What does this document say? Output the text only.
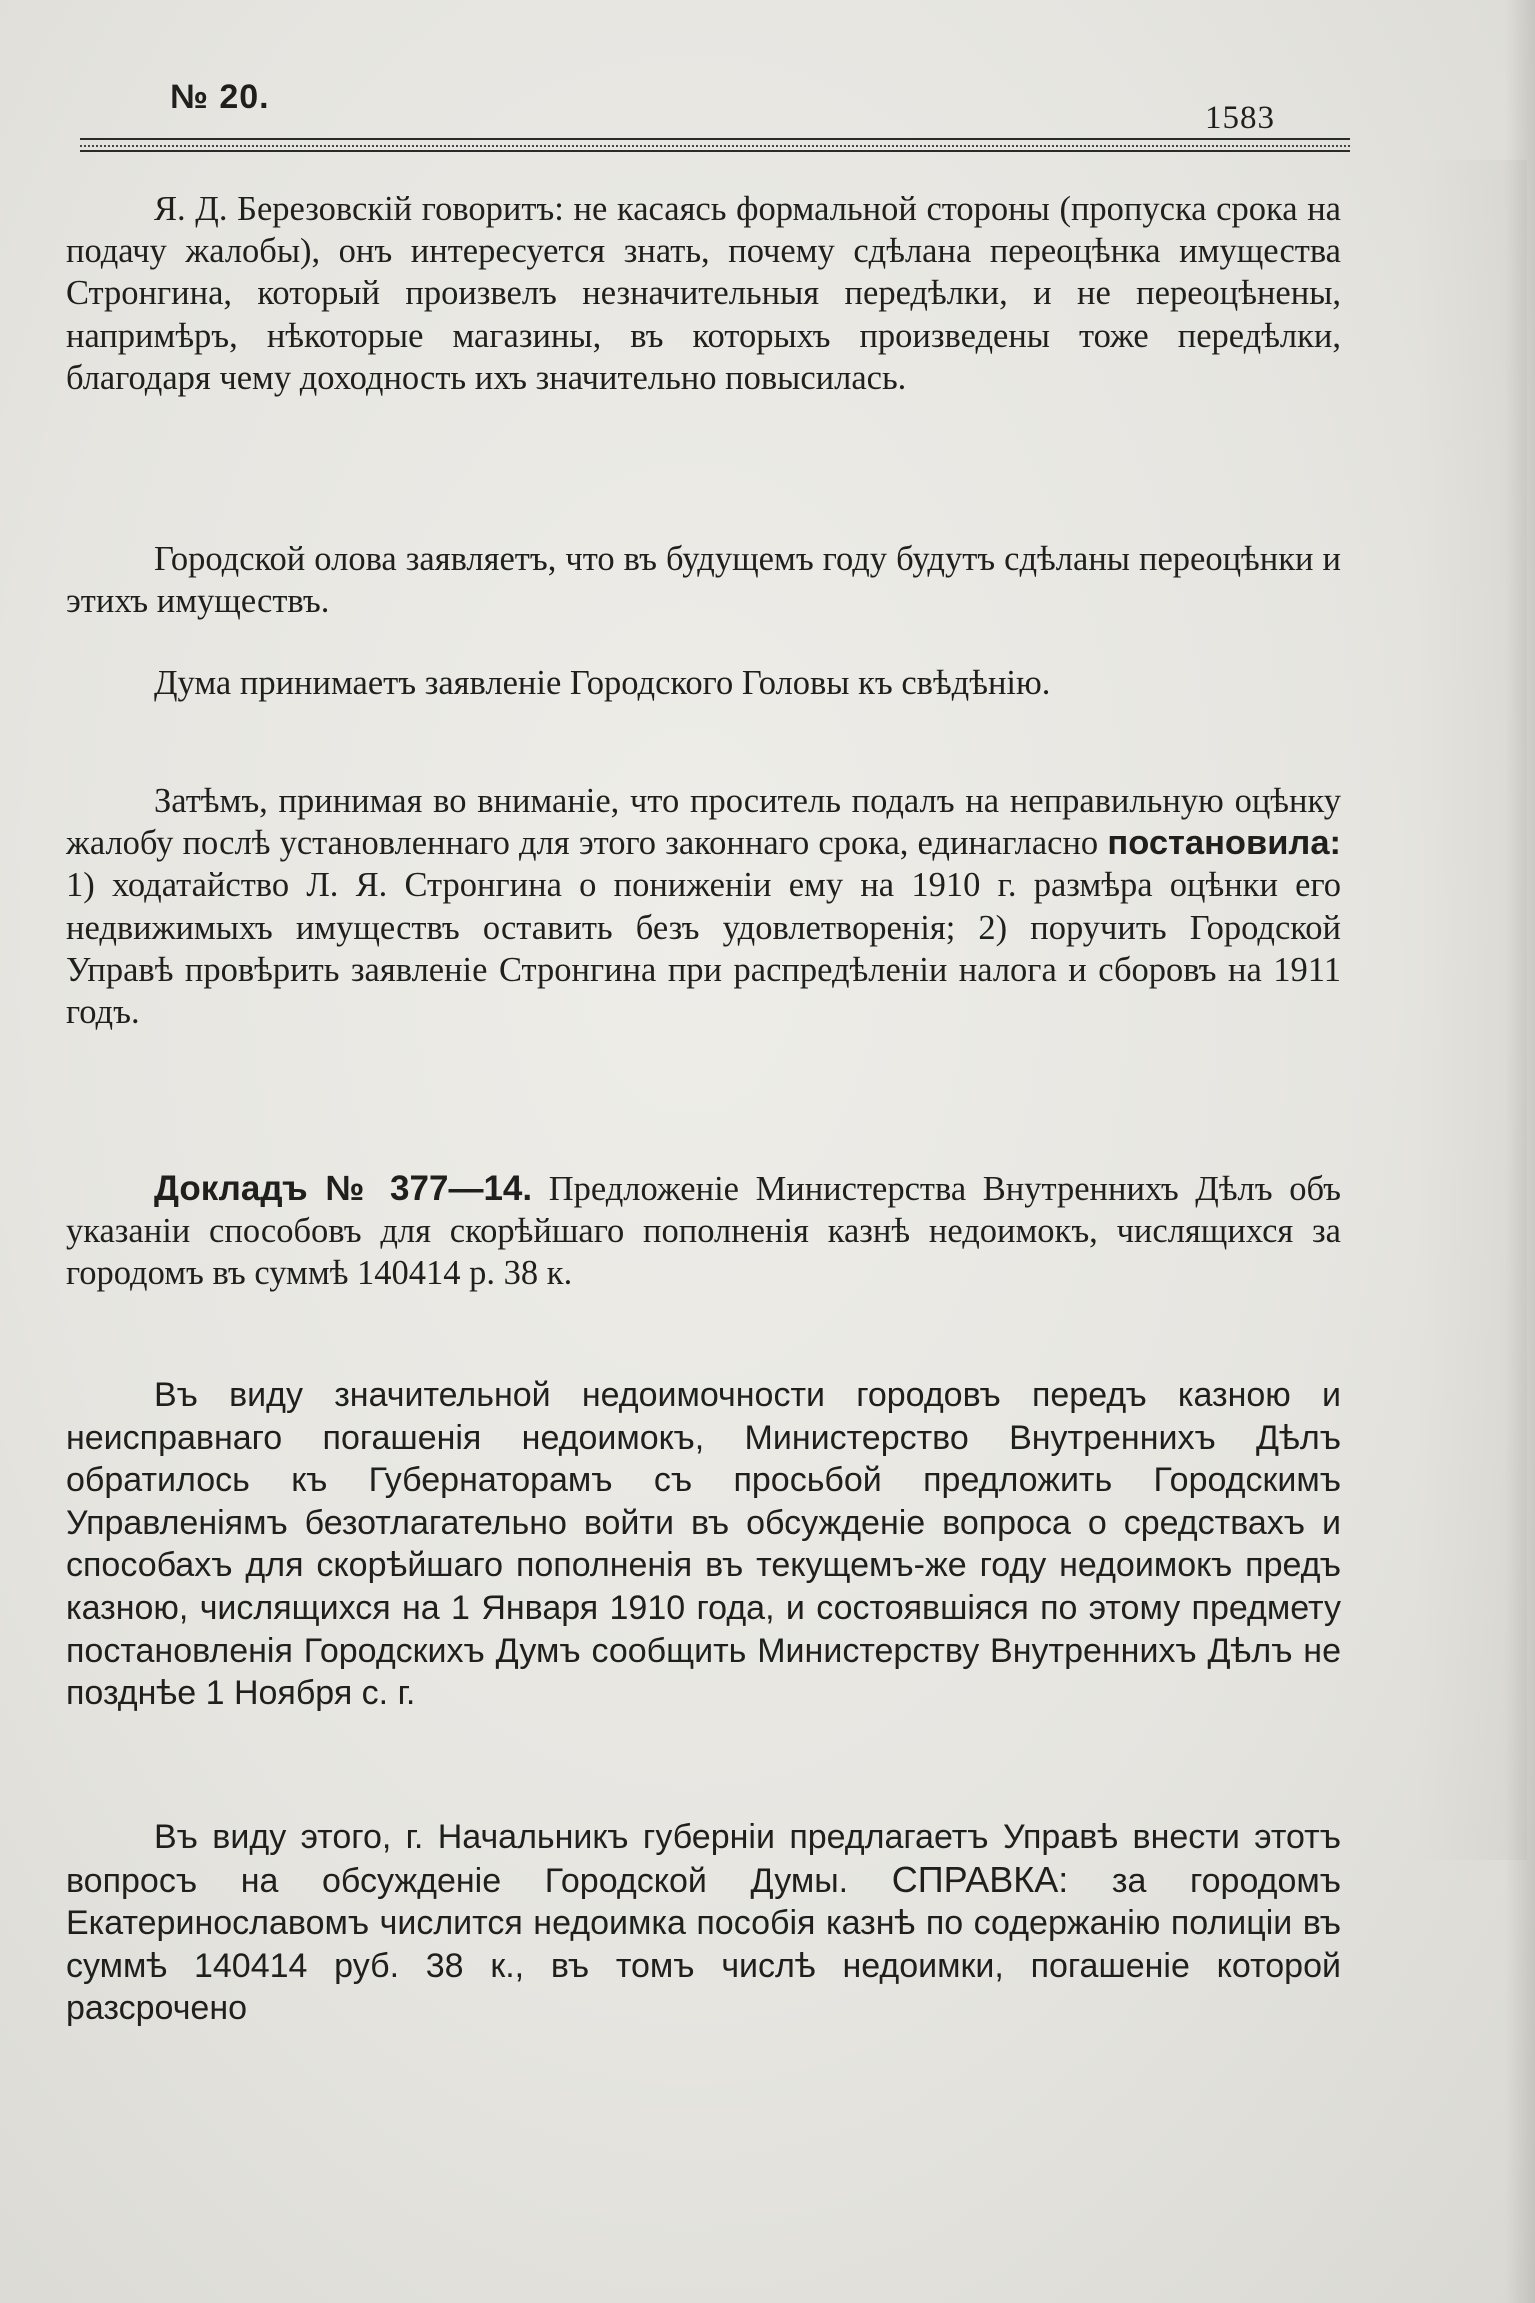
№ 20.
1583

Я. Д. Березовскiй говоритъ: не касаясь формальной стороны (пропуска срока на подачу жалобы), онъ интересуется знать, почему сдѣлана переоцѣнка имущества Стронгина, который произвелъ незначительныя передѣлки, и не переоцѣнены, напримѣръ, нѣкоторые магазины, въ которыхъ произведены тоже передѣлки, благодаря чему доходность ихъ значительно повысилась.

Городской олова заявляетъ, что въ будущемъ году будутъ сдѣланы переоцѣнки и этихъ имуществъ.

Дума принимаетъ заявленiе Городского Головы къ свѣдѣнiю.

Затѣмъ, принимая во вниманiе, что проситель подалъ на неправильную оцѣнку жалобу послѣ установленнаго для этого законнаго срока, единагласно постановила: 1) ходатайство Л. Я. Стронгина о пониженiи ему на 1910 г. размѣра оцѣнки его недвижимыхъ имуществъ оставить безъ удовлетворенiя; 2) поручить Городской Управѣ провѣрить заявленiе Стронгина при распредѣленiи налога и сборовъ на 1911 годъ.

Докладъ № 377—14. Предложенiе Министерства Внутреннихъ Дѣлъ объ указанiи способовъ для скорѣйшаго пополненiя казнѣ недоимокъ, числящихся за городомъ въ суммѣ 140414 р. 38 к.

Въ виду значительной недоимочности городовъ передъ казною и неисправнаго погашенiя недоимокъ, Министерство Внутреннихъ Дѣлъ обратилось къ Губернаторамъ съ просьбой предложить Городскимъ Управленiямъ безотлагательно войти въ обсужденiе вопроса о средствахъ и способахъ для скорѣйшаго пополненiя въ текущемъ-же году недоимокъ предъ казною, числящихся на 1 Января 1910 года, и состоявшiяся по этому предмету постановленiя Городскихъ Думъ сообщить Министерству Внутреннихъ Дѣлъ не позднѣе 1 Ноября с. г.

Въ виду этого, г. Начальникъ губернiи предлагаетъ Управѣ внести этотъ вопросъ на обсужденiе Городской Думы. СПРАВКА: за городомъ Екатеринославомъ числится недоимка пособiя казнѣ по содержанiю полицiи въ суммѣ 140414 руб. 38 к., въ томъ числѣ недоимки, погашенiе которой разсрочено
